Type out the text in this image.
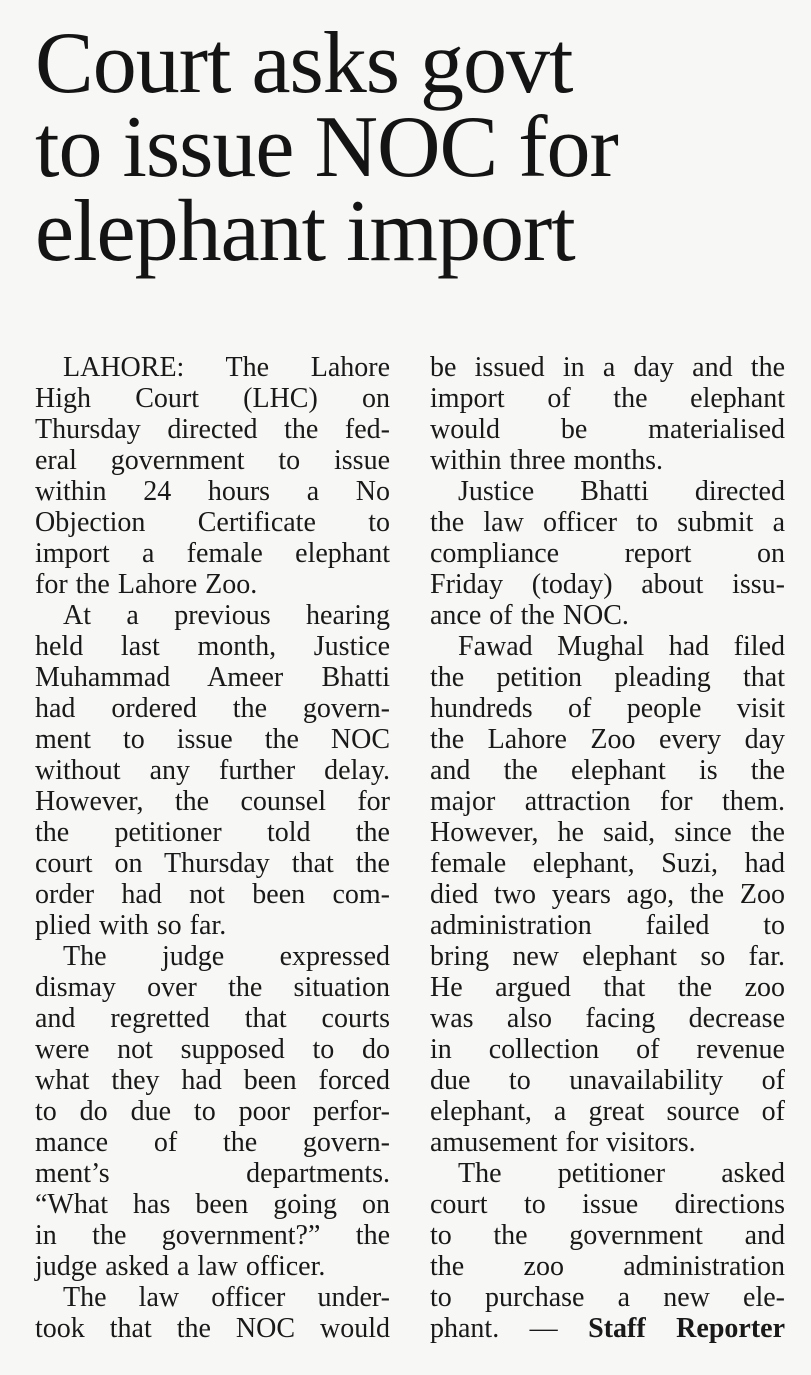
Court asks govt
to issue NOC for
elephant import

LAHORE: The Lahore
High Court (LHC) on
Thursday directed the fed-
eral government to issue
within 24 hours a No
Objection Certificate to
import a female elephant
for the Lahore Zoo.

At a previous hearing
held last month, Justice
Muhammad Ameer Bhatti
had ordered the govern-
ment to issue the NOC
without any further delay.
However, the counsel for
the petitioner told the
court on Thursday that the
order had not been com-
plied with so far.

The judge expressed
dismay over the situation
and regretted that courts
were not supposed to do
what they had been forced
to do due to poor perfor-
mance of the govern-
ment’s departments.
“What has been going on
in the government?” the
judge asked a law officer.

The law officer under-
took that the NOC would

be issued in a day and the
import of the elephant
would be materialised
within three months.

Justice Bhatti directed
the law officer to submit a
compliance report on
Friday (today) about issu-
ance of the NOC.

Fawad Mughal had filed
the petition pleading that
hundreds of people visit
the Lahore Zoo every day
and the elephant is the
major attraction for them.
However, he said, since the
female elephant, Suzi, had
died two years ago, the Zoo
administration failed to
bring new elephant so far.
He argued that the zoo
was also facing decrease
in collection of revenue
due to unavailability of
elephant, a great source of
amusement for visitors.

The petitioner asked
court to issue directions
to the government and
the zoo administration
to purchase a new ele-
phant. — Staff Reporter
